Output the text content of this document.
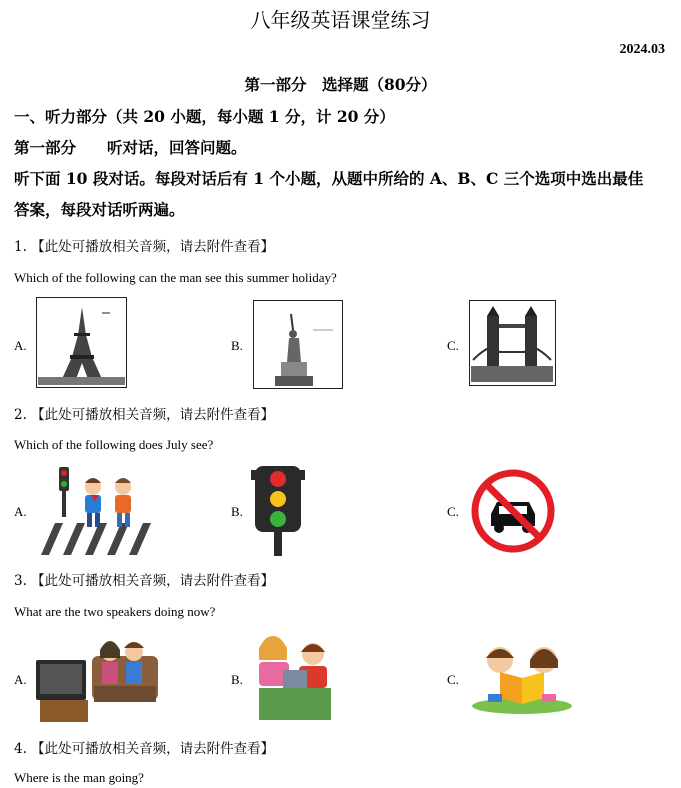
八年级英语课堂练习
2024.03
第一部分　选择题（80分）
一、听力部分（共 20 小题，每小题 1 分，计 20 分）
第一部分　　听对话，回答问题。
听下面 10 段对话。每段对话后有 1 个小题，从题中所给的 A、B、C 三个选项中选出最佳
答案，每段对话听两遍。
1. 【此处可播放相关音频，请去附件查看】
Which of the following can the man see this summer holiday?
A.	B.	C.
2. 【此处可播放相关音频，请去附件查看】
Which of the following does July see?
A.	B.	C.
3. 【此处可播放相关音频，请去附件查看】
What are the two speakers doing now?
A.	B.	C.
4. 【此处可播放相关音频，请去附件查看】
Where is the man going?
